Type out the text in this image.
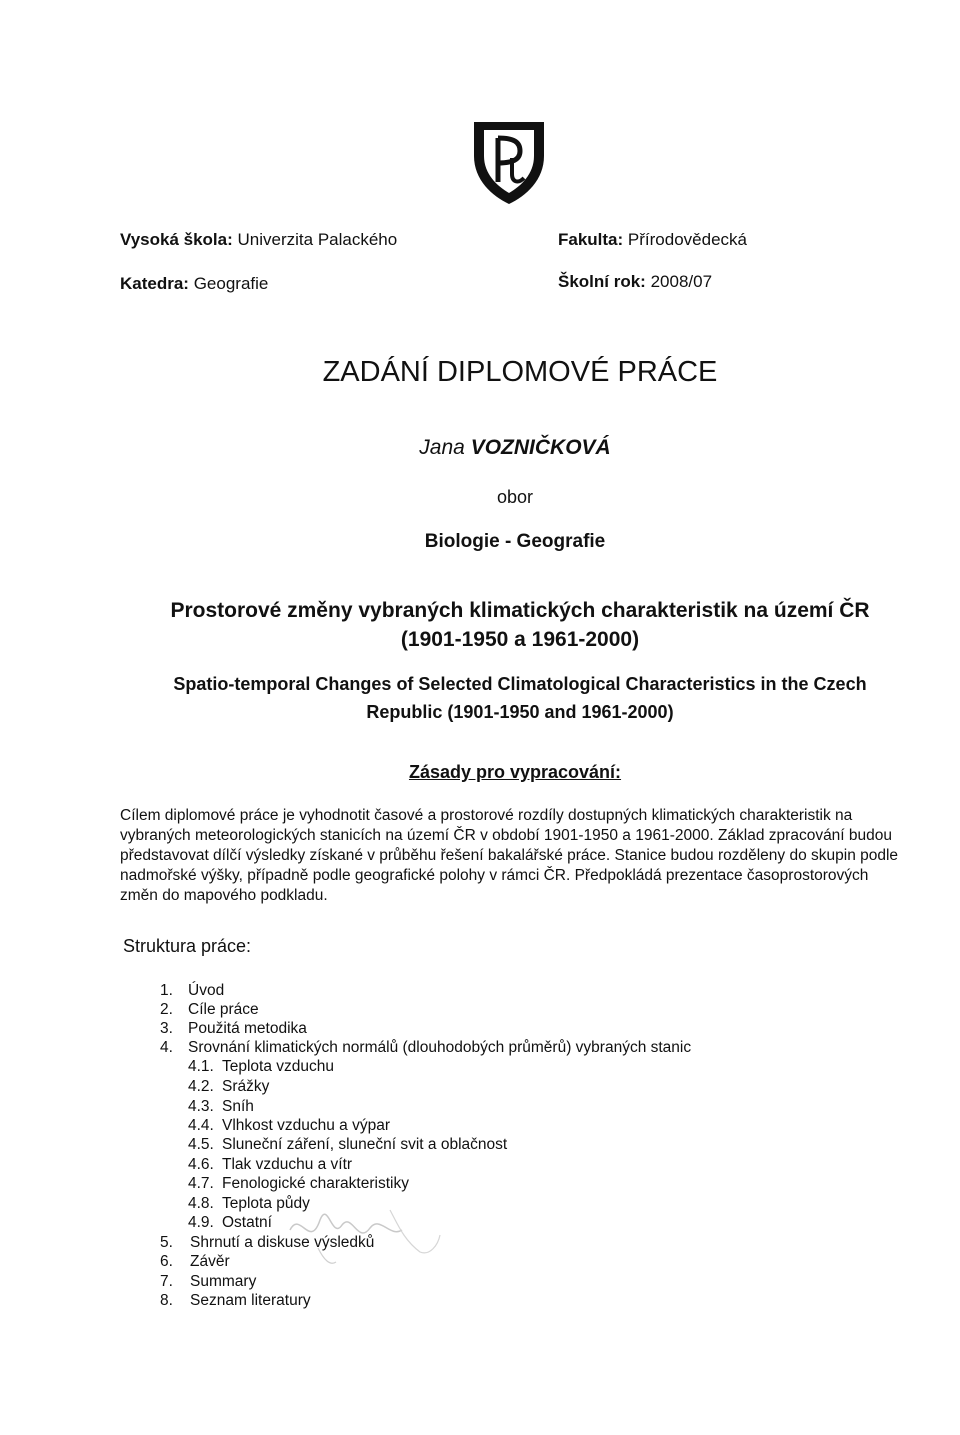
Vysoká škola: Univerzita Palackého	Fakulta: Přírodovědecká
Katedra: Geografie	Školní rok: 2008/07
ZADÁNÍ DIPLOMOVÉ PRÁCE
Jana VOZNIČKOVÁ
obor
Biologie - Geografie
Prostorové změny vybraných klimatických charakteristik na území ČR
(1901-1950 a 1961-2000)
Spatio-temporal Changes of Selected Climatological Characteristics in the Czech
Republic (1901-1950 and 1961-2000)
Zásady pro vypracování:
Cílem diplomové práce je vyhodnotit časové a prostorové rozdíly dostupných klimatických charakteristik na vybraných meteorologických stanicích na území ČR v období 1901-1950 a 1961-2000. Základ zpracování budou představovat dílčí výsledky získané v průběhu řešení bakalářské práce. Stanice budou rozděleny do skupin podle nadmořské výšky, případně podle geografické polohy v rámci ČR. Předpokládá prezentace časoprostorových změn do mapového podkladu.
Struktura práce:
1. Úvod
2. Cíle práce
3. Použitá metodika
4. Srovnání klimatických normálů (dlouhodobých průměrů) vybraných stanic
4.1. Teplota vzduchu
4.2. Srážky
4.3. Sníh
4.4. Vlhkost vzduchu a výpar
4.5. Sluneční záření, sluneční svit a oblačnost
4.6. Tlak vzduchu a vítr
4.7. Fenologické charakteristiky
4.8. Teplota půdy
4.9. Ostatní
5. Shrnutí a diskuse výsledků
6. Závěr
7. Summary
8. Seznam literatury
